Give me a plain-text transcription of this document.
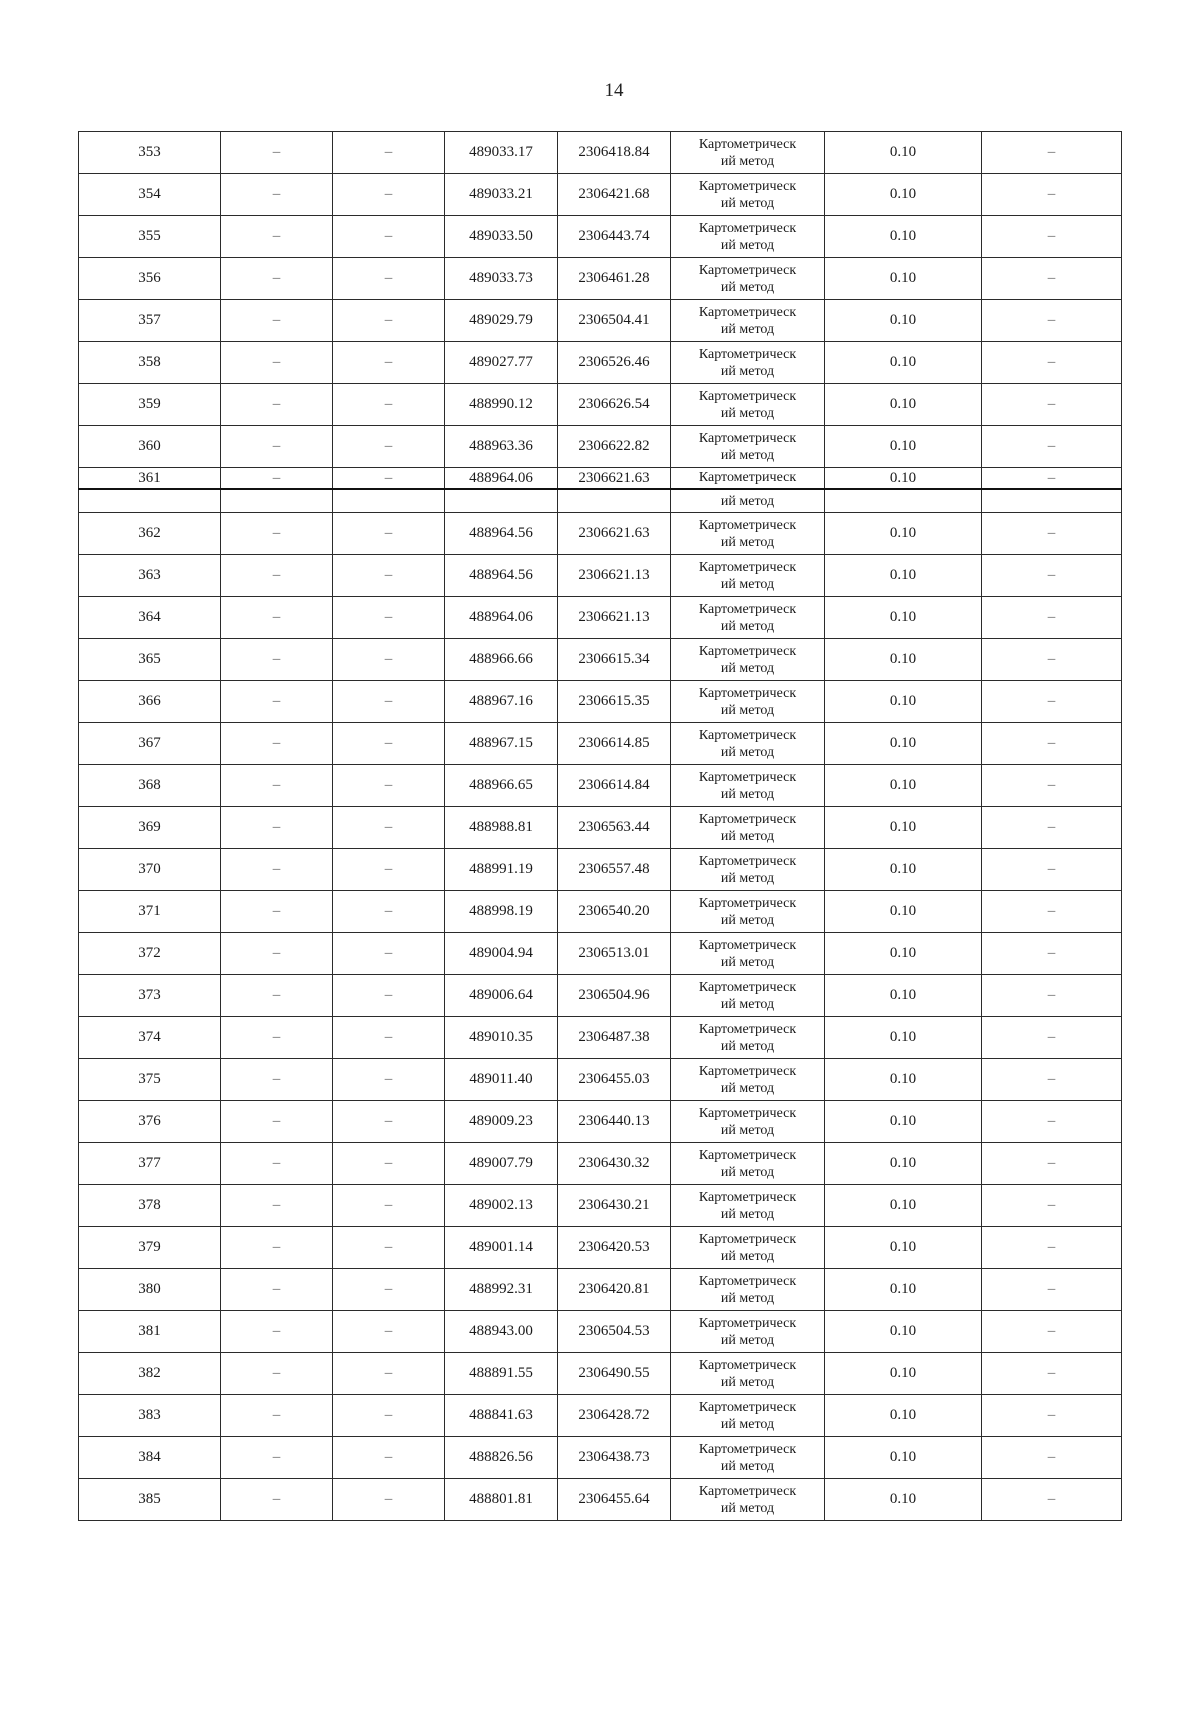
14
353	–	–	489033.17	2306418.84	Картометрическ
ий метод	0.10	–
354	–	–	489033.21	2306421.68	Картометрическ
ий метод	0.10	–
355	–	–	489033.50	2306443.74	Картометрическ
ий метод	0.10	–
356	–	–	489033.73	2306461.28	Картометрическ
ий метод	0.10	–
357	–	–	489029.79	2306504.41	Картометрическ
ий метод	0.10	–
358	–	–	489027.77	2306526.46	Картометрическ
ий метод	0.10	–
359	–	–	488990.12	2306626.54	Картометрическ
ий метод	0.10	–
360	–	–	488963.36	2306622.82	Картометрическ
ий метод	0.10	–
361	–	–	488964.06	2306621.63	Картометрическ	0.10	–
					ий метод		
362	–	–	488964.56	2306621.63	Картометрическ
ий метод	0.10	–
363	–	–	488964.56	2306621.13	Картометрическ
ий метод	0.10	–
364	–	–	488964.06	2306621.13	Картометрическ
ий метод	0.10	–
365	–	–	488966.66	2306615.34	Картометрическ
ий метод	0.10	–
366	–	–	488967.16	2306615.35	Картометрическ
ий метод	0.10	–
367	–	–	488967.15	2306614.85	Картометрическ
ий метод	0.10	–
368	–	–	488966.65	2306614.84	Картометрическ
ий метод	0.10	–
369	–	–	488988.81	2306563.44	Картометрическ
ий метод	0.10	–
370	–	–	488991.19	2306557.48	Картометрическ
ий метод	0.10	–
371	–	–	488998.19	2306540.20	Картометрическ
ий метод	0.10	–
372	–	–	489004.94	2306513.01	Картометрическ
ий метод	0.10	–
373	–	–	489006.64	2306504.96	Картометрическ
ий метод	0.10	–
374	–	–	489010.35	2306487.38	Картометрическ
ий метод	0.10	–
375	–	–	489011.40	2306455.03	Картометрическ
ий метод	0.10	–
376	–	–	489009.23	2306440.13	Картометрическ
ий метод	0.10	–
377	–	–	489007.79	2306430.32	Картометрическ
ий метод	0.10	–
378	–	–	489002.13	2306430.21	Картометрическ
ий метод	0.10	–
379	–	–	489001.14	2306420.53	Картометрическ
ий метод	0.10	–
380	–	–	488992.31	2306420.81	Картометрическ
ий метод	0.10	–
381	–	–	488943.00	2306504.53	Картометрическ
ий метод	0.10	–
382	–	–	488891.55	2306490.55	Картометрическ
ий метод	0.10	–
383	–	–	488841.63	2306428.72	Картометрическ
ий метод	0.10	–
384	–	–	488826.56	2306438.73	Картометрическ
ий метод	0.10	–
385	–	–	488801.81	2306455.64	Картометрическ
ий метод	0.10	–
